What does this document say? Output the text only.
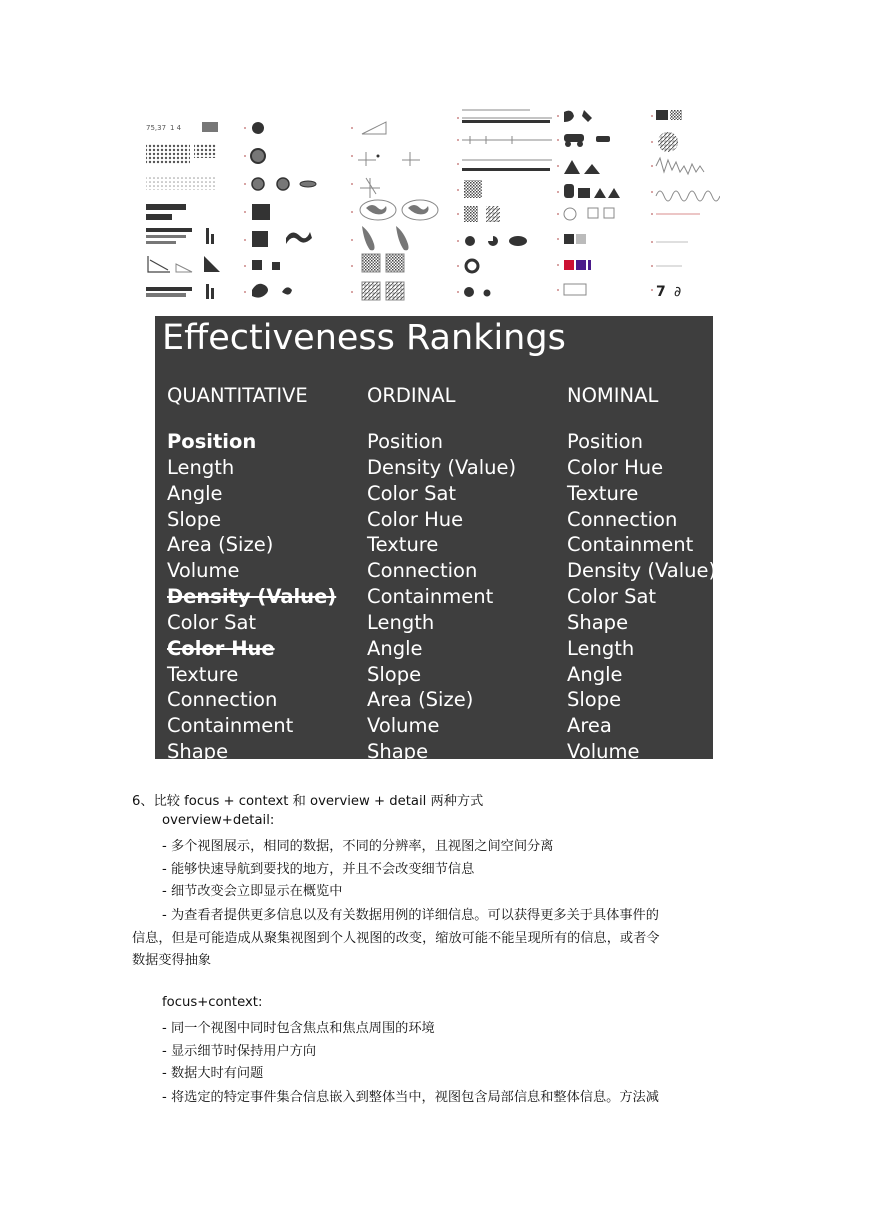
75,37 1 4
7 ∂
Effectiveness Rankings
QUANTITATIVE
Position
Length
Angle
Slope
Area (Size)
Volume
Density (Value)
Color Sat
Color Hue
Texture
Connection
Containment
Shape
ORDINAL
Position
Density (Value)
Color Sat
Color Hue
Texture
Connection
Containment
Length
Angle
Slope
Area (Size)
Volume
Shape
NOMINAL
Position
Color Hue
Texture
Connection
Containment
Density (Value)
Color Sat
Shape
Length
Angle
Slope
Area
Volume
6、比较 focus + context 和 overview + detail 两种方式
overview+detail:
- 多个视图展示，相同的数据，不同的分辨率，且视图之间空间分离
- 能够快速导航到要找的地方，并且不会改变细节信息
- 细节改变会立即显示在概览中
- 为查看者提供更多信息以及有关数据用例的详细信息。可以获得更多关于具体事件的
信息，但是可能造成从聚集视图到个人视图的改变，缩放可能不能呈现所有的信息，或者令
数据变得抽象
focus+context:
- 同一个视图中同时包含焦点和焦点周围的环境
- 显示细节时保持用户方向
- 数据大时有问题
- 将选定的特定事件集合信息嵌入到整体当中，视图包含局部信息和整体信息。方法减
